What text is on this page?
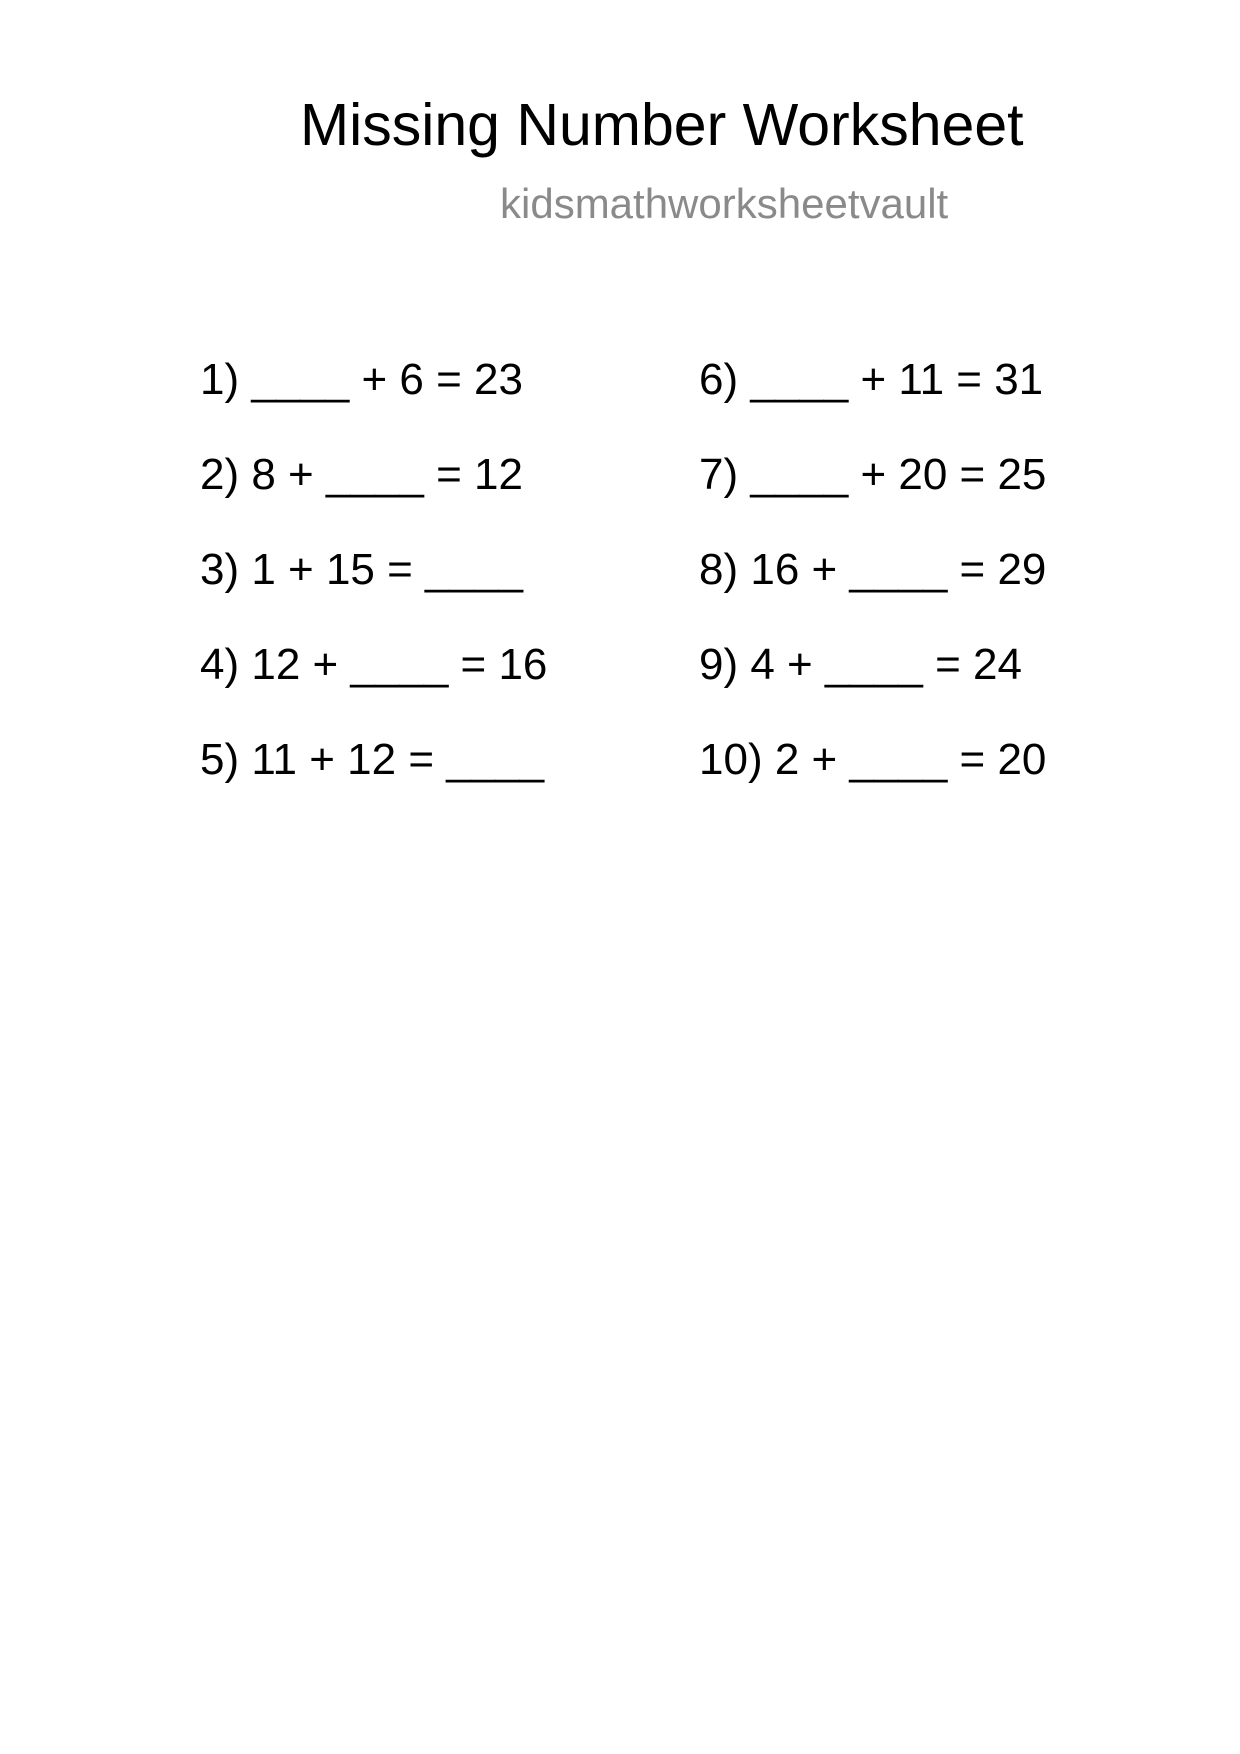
Missing Number Worksheet
kidsmathworksheetvault
1) ____ + 6 = 23
2) 8 + ____ = 12
3) 1 + 15 = ____
4) 12 + ____ = 16
5) 11 + 12 = ____
6) ____ + 11 = 31
7) ____ + 20 = 25
8) 16 + ____ = 29
9) 4 + ____ = 24
10) 2 + ____ = 20
